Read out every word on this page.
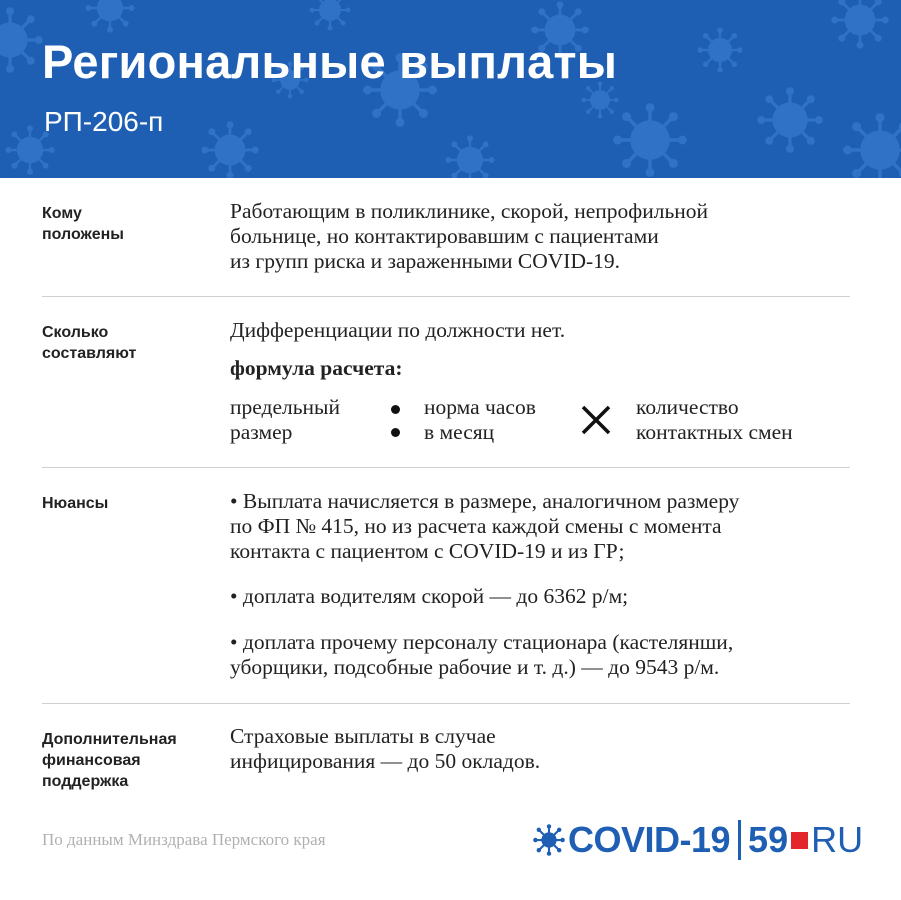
Региональные выплаты
РП-206-п
Кому
положены
Работающим в поликлинике, скорой, непрофильной
больнице, но контактировавшим с пациентами
из групп риска и зараженными COVID-19.
Сколько
составляют
Дифференциации по должности нет.
формула расчета:
предельный
размер
норма часов
в месяц
количество
контактных смен
Нюансы	• Выплата начисляется в размере, аналогичном размеру
по ФП № 415, но из расчета каждой смены с момента
контакта с пациентом с COVID-19 и из ГР;
• доплата водителям скорой — до 6362 р/м;
• доплата прочему персоналу стационара (кастелянши,
уборщики, подсобные рабочие и т. д.) — до 9543 р/м.
Дополнительная
финансовая
поддержка
Страховые выплаты в случае
инфицирования — до 50 окладов.
По данным Минздрава Пермского края	COVID-19 59 RU
